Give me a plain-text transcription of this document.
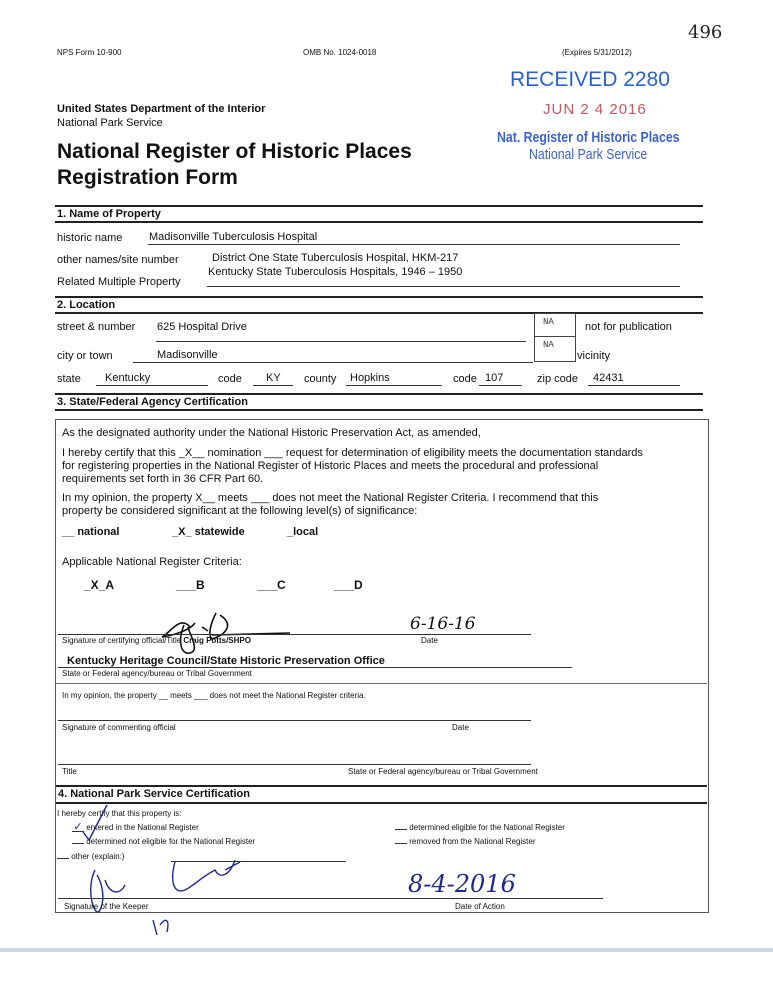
NPS Form 10-900	OMB No. 1024-0018	(Expires 5/31/2012)
496
United States Department of the Interior
National Park Service
National Register of Historic Places
Registration Form
RECEIVED 2280
JUN 2 4 2016
Nat. Register of Historic Places
National Park Service
1. Name of Property
historic name Madisonville Tuberculosis Hospital
other names/site number	District One State Tuberculosis Hospital, HKM-217
Related Multiple Property
Kentucky State Tuberculosis Hospitals, 1946 – 1950
2. Location
street & number 625 Hospital Drive	NA
NA
not for publication
vicinity
city or town	Madisonville
state Kentucky	code KY county Hopkins	code 107	zip code 42431
3. State/Federal Agency Certification
As the designated authority under the National Historic Preservation Act, as amended,
I hereby certify that this _X__ nomination ___ request for determination of eligibility meets the documentation standards
for registering properties in the National Register of Historic Places and meets the procedural and professional
requirements set forth in 36 CFR Part 60.
In my opinion, the property X__ meets ___ does not meet the National Register Criteria. I recommend that this
property be considered significant at the following level(s) of significance:
__ national	_X_ statewide	_local
Applicable National Register Criteria:
_X_A	___B	___C	___D
6-16-16
Signature of certifying official/Title Craig Potts/SHPO	Date
Kentucky Heritage Council/State Historic Preservation Office
State or Federal agency/bureau or Tribal Government
In my opinion, the property __ meets ___ does not meet the National Register criteria.
Signature of commenting official	Date
Title	State or Federal agency/bureau or Tribal Government
4. National Park Service Certification
I hereby certify that this property is:
✓ entered in the National Register	determined eligible for the National Register
determined not eligible for the National Register	removed from the National Register
other (explain:)
8-4-2016
Signature of the Keeper	Date of Action
